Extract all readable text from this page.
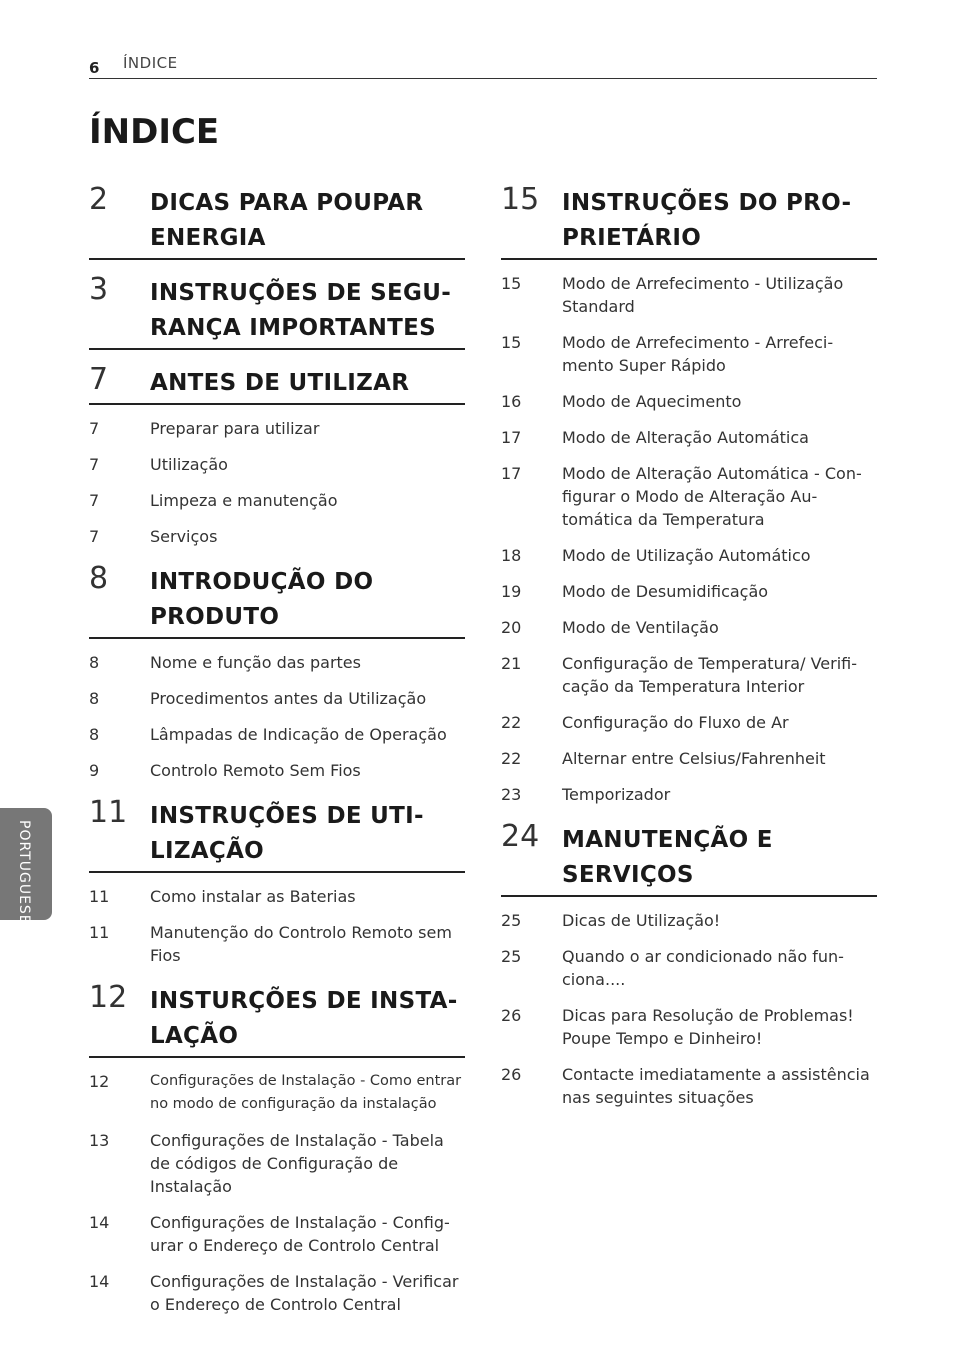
6 ÍNDICE
ÍNDICE
2 DICAS PARA POUPAR ENERGIA
3 INSTRUÇÕES DE SEGU-RANÇA IMPORTANTES
7 ANTES DE UTILIZAR
7	Preparar para utilizar
7	Utilização
7	Limpeza e manutenção
7	Serviços
8 INTRODUÇÃO DO PRODUTO
8	Nome e função das partes
8	Procedimentos antes da Utilização
8	Lâmpadas de Indicação de Operação
9	Controlo Remoto Sem Fios
11 INSTRUÇÕES DE UTI-LIZAÇÃO
11	Como instalar as Baterias
11	Manutenção do Controlo Remoto sem Fios
12 INSTURÇÕES DE INSTA-LAÇÃO
12	Configurações de Instalação - Como entrar no modo de configuração da instalação
13	Configurações de Instalação - Tabela de códigos de Configuração de Instalação
14	Configurações de Instalação - Config-urar o Endereço de Controlo Central
14	Configurações de Instalação - Verificar o Endereço de Controlo Central
15 INSTRUÇÕES DO PRO-PRIETÁRIO
15	Modo de Arrefecimento - Utilização Standard
15	Modo de Arrefecimento - Arrefeci-mento Super Rápido
16	Modo de Aquecimento
17	Modo de Alteração Automática
17	Modo de Alteração Automática - Con-figurar o Modo de Alteração Au-tomática da Temperatura
18	Modo de Utilização Automático
19	Modo de Desumidificação
20	Modo de Ventilação
21	Configuração de Temperatura/ Verifi-cação da Temperatura Interior
22	Configuração do Fluxo de Ar
22	Alternar entre Celsius/Fahrenheit
23	Temporizador
24 MANUTENÇÃO E SERVIÇOS
25	Dicas de Utilização!
25	Quando o ar condicionado não fun-ciona....
26	Dicas para Resolução de Problemas! Poupe Tempo e Dinheiro!
26	Contacte imediatamente a assistência nas seguintes situações
PORTUGUESE
